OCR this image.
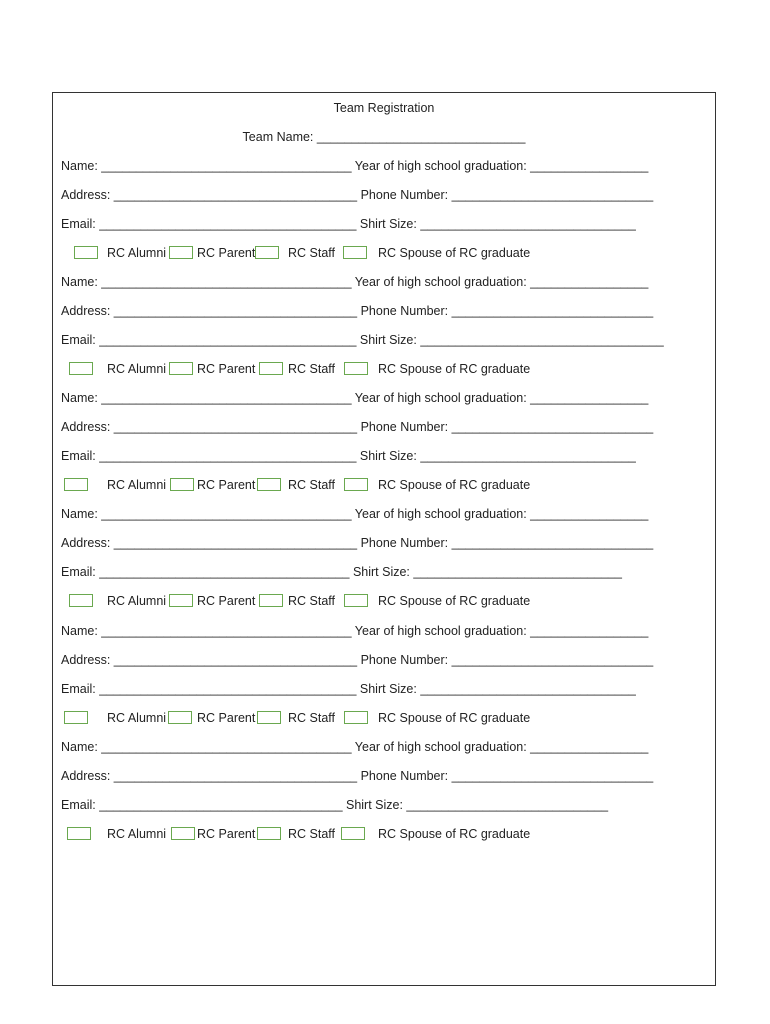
Team Registration
Team Name: ______________________________
Name: ____________________________________ Year of high school graduation: _________________
Address: ___________________________________ Phone Number: _____________________________
Email: _____________________________________ Shirt Size: _______________________________
RC Alumni RC Parent	RC Staff	RC Spouse of RC graduate
Name: ____________________________________ Year of high school graduation: _________________
Address: ___________________________________ Phone Number: _____________________________
Email: _____________________________________ Shirt Size: ___________________________________
RC Alumni RC Parent	RC Staff	RC Spouse of RC graduate
Name: ____________________________________ Year of high school graduation: _________________
Address: ___________________________________ Phone Number: _____________________________
Email: _____________________________________ Shirt Size: _______________________________
RC Alumni RC Parent	RC Staff	RC Spouse of RC graduate
Name: ____________________________________ Year of high school graduation: _________________
Address: ___________________________________ Phone Number: _____________________________
Email: ____________________________________ Shirt Size: ______________________________
RC Alumni RC Parent	RC Staff	RC Spouse of RC graduate
Name: ____________________________________ Year of high school graduation: _________________
Address: ___________________________________ Phone Number: _____________________________
Email: _____________________________________ Shirt Size: _______________________________
RC Alumni RC Parent	RC Staff	RC Spouse of RC graduate
Name: ____________________________________ Year of high school graduation: _________________
Address: ___________________________________ Phone Number: _____________________________
Email: ___________________________________ Shirt Size: _____________________________
RC Alumni RC Parent	RC Staff	RC Spouse of RC graduate
